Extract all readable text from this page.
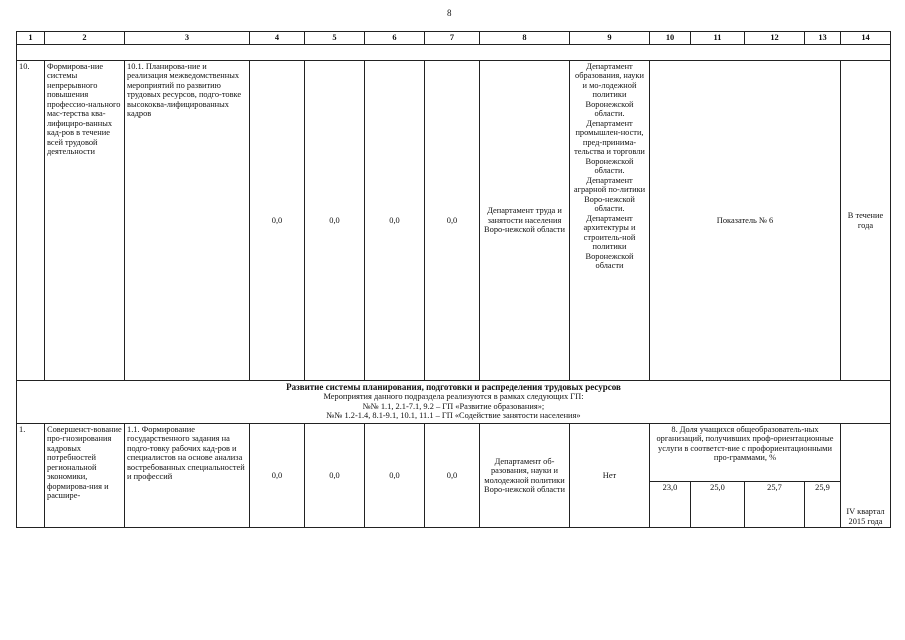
8
1	2	3	4	5	6	7	8	9	10	11	12	13	14

10.	Формирова-ние системы непрерывного повышения профессио-нального мас-терства ква-лифициро-ванных кад-ров в течение всей трудовой деятельности	10.1. Планирова-ние и реализация межведомственных мероприятий по развитию трудовых ресурсов, подго-товке высококва-лифицированных кадров	0,0	0,0	0,0	0,0	Департамент труда и занятости населения Воро-нежской области	Департамент образования, науки и мо-лодежной политики Воронежской области. Департамент промышлен-ности, пред-принима-тельства и торговли Воронежской области. Департамент аграрной по-литики Воро-нежской области. Департамент архитектуры и строитель-ной политики Воронежской области	Показатель № 6				В течение года

Развитие системы планирования, подготовки и распределения трудовых ресурсов
Мероприятия данного подраздела реализуются в рамках следующих ГП:
№№ 1.1, 2.1-7.1, 9.2 – ГП «Развитие образования»;
№№ 1.2-1.4, 8.1-9.1, 10.1, 11.1 – ГП «Содействие занятости населения»													

1.	Совершенст-вование про-гнозирования кадровых потребностей региональной экономики, формирова-ния и расшире-	1.1. Формирование государственного задания на подго-товку рабочих кад-ров и специалистов на основе анализа востребованных специальностей и профессий	0,0	0,0	0,0	0,0	Департамент об-разования, науки и молодежной политики Воро-нежской области	Нет	8. Доля учащихся общеобразователь-ных организаций, получивших проф-ориентационные услуги в соответст-вие с профориентационными про-граммами, %				IV квартал 2015 года
									23,0	25,0	25,7	25,9	
